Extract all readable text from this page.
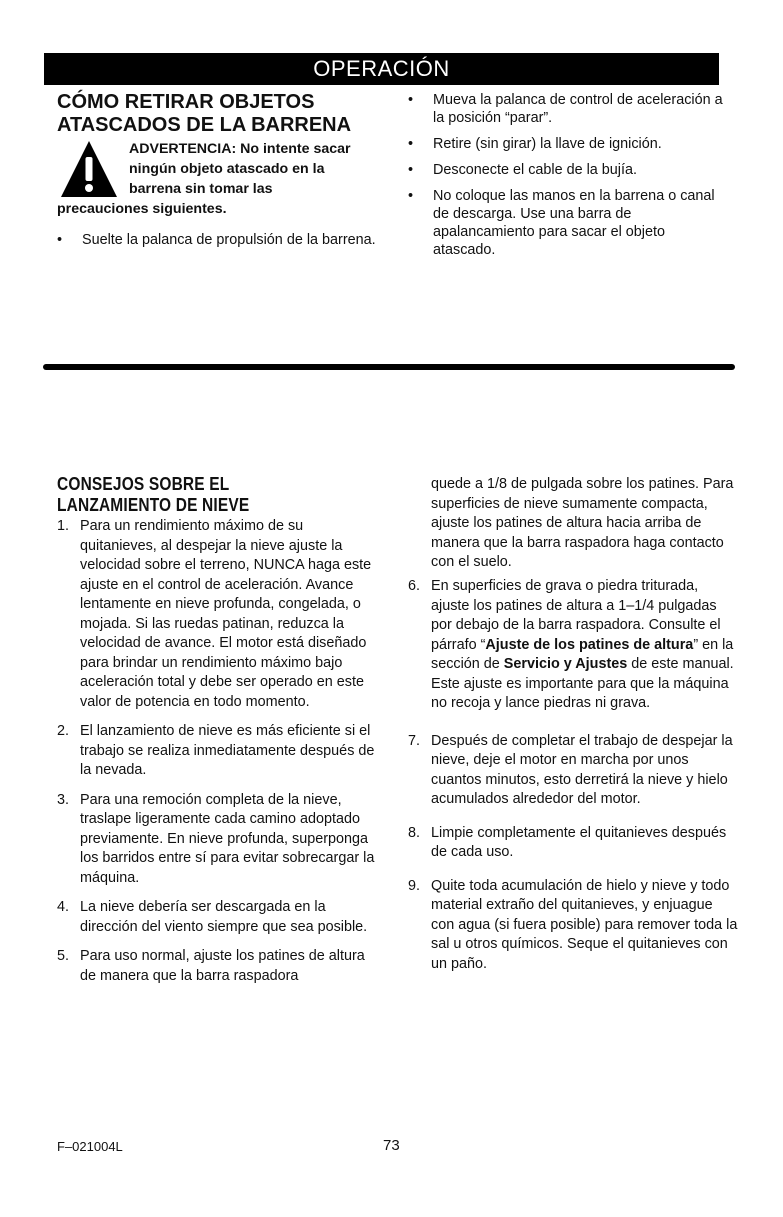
OPERACIÓN
CÓMO RETIRAR OBJETOS
ATASCADOS DE LA BARRENA
ADVERTENCIA: No intente sacar ningún objeto atascado en la barrena sin tomar las precauciones siguientes.
• Suelte la palanca de propulsión de la barrena.
• Mueva la palanca de control de aceleración a la posición “parar”.
• Retire (sin girar) la llave de ignición.
• Desconecte el cable de la bujía.
• No coloque las manos en la barrena o canal de descarga. Use una barra de apalancamiento para sacar el objeto atascado.
CONSEJOS SOBRE EL
LANZAMIENTO DE NIEVE
1. Para un rendimiento máximo de su quitanieves, al despejar la nieve ajuste la velocidad sobre el terreno, NUNCA haga este ajuste en el control de aceleración. Avance lentamente en nieve profunda, congelada, o mojada. Si las ruedas patinan, reduzca la velocidad de avance. El motor está diseñado para brindar un rendimiento máximo bajo aceleración total y debe ser operado en este valor de potencia en todo momento.
2. El lanzamiento de nieve es más eficiente si el trabajo se realiza inmediatamente después de la nevada.
3. Para una remoción completa de la nieve, traslape ligeramente cada camino adoptado previamente. En nieve profunda, superponga los barridos entre sí para evitar sobrecargar la máquina.
4. La nieve debería ser descargada en la dirección del viento siempre que sea posible.
5. Para uso normal, ajuste los patines de altura de manera que la barra raspadora

quede a 1/8 de pulgada sobre los patines. Para superficies de nieve sumamente compacta, ajuste los patines de altura hacia arriba de manera que la barra raspadora haga contacto con el suelo.

6. En superficies de grava o piedra triturada, ajuste los patines de altura a 1–1/4 pulgadas por debajo de la barra raspadora. Consulte el párrafo “Ajuste de los patines de altura” en la sección de Servicio y Ajustes de este manual. Este ajuste es importante para que la máquina no recoja y lance piedras ni grava.
7. Después de completar el trabajo de despejar la nieve, deje el motor en marcha por unos cuantos minutos, esto derretirá la nieve y hielo acumulados alrededor del motor.
8. Limpie completamente el quitanieves después de cada uso.
9. Quite toda acumulación de hielo y nieve y todo material extraño del quitanieves, y enjuague con agua (si fuera posible) para remover toda la sal u otros químicos. Seque el quitanieves con un paño.
F–021004L	73
